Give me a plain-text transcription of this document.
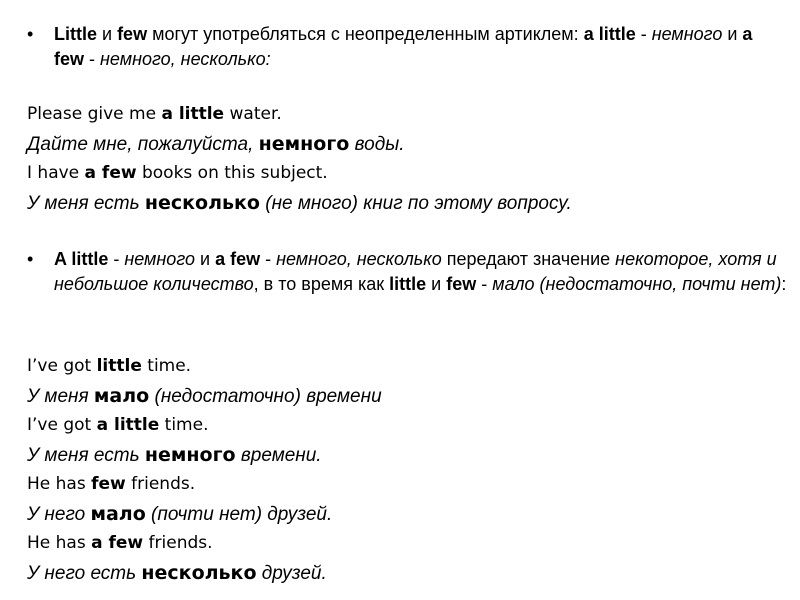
• Little и few могут употребляться с неопределенным артиклем: a little - немного и a few - немного, несколько:
Please give me a little water.
Дайте мне, пожалуйста, немного воды.
I have a few books on this subject.
У меня есть несколько (не много) книг по этому вопросу.
• A little - немного и a few - немного, несколько передают значение некоторое, хотя и небольшое количество, в то время как little и few - мало (недостаточно, почти нет):
I’ve got little time.
У меня мало (недостаточно) времени
I’ve got a little time.
У меня есть немного времени.
He has few friends.
У него мало (почти нет) друзей.
He has a few friends.
У него есть несколько друзей.
